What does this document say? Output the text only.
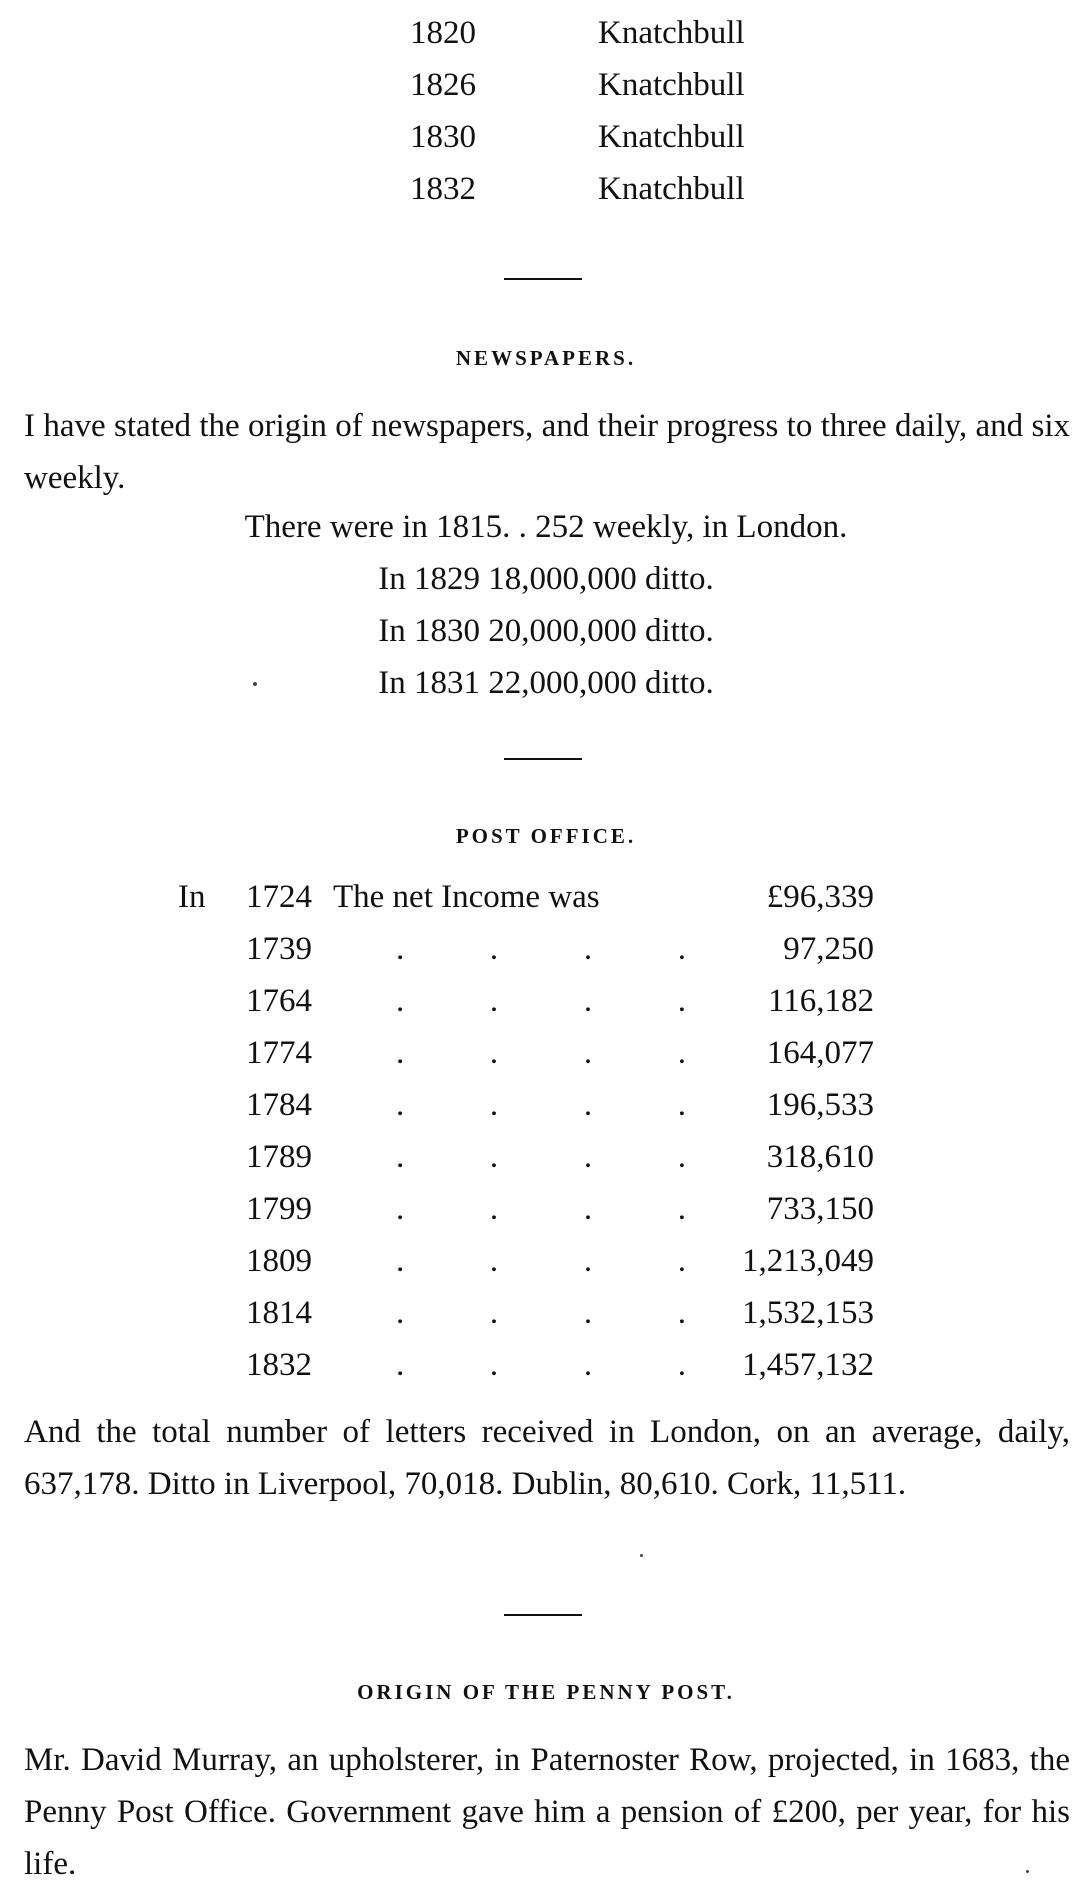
1820	Knatchbull
1826	Knatchbull
1830	Knatchbull
1832	Knatchbull
NEWSPAPERS.
I have stated the origin of newspapers, and their progress to three daily, and six weekly.
There were in 1815. . 252 weekly, in London.
In 1829 18,000,000 ditto.
In 1830 20,000,000 ditto.
In 1831 22,000,000 ditto.
POST OFFICE.
In 1724 The net Income was	£96,339
1739	.	.	.	.	97,250
1764	.	.	.	. 116,182
1774	.	.	.	. 164,077
1784	.	.	.	. 196,533
1789	.	.	.	. 318,610
1799	.	.	.	. 733,150
1809	.	.	.	. 1,213,049
1814	.	.	.	. 1,532,153
1832	.	.	.	. 1,457,132
And the total number of letters received in London, on an average, daily, 637,178. Ditto in Liverpool, 70,018. Dublin, 80,610. Cork, 11,511.
ORIGIN OF THE PENNY POST.
Mr. David Murray, an upholsterer, in Paternoster Row, projected, in 1683, the Penny Post Office. Government gave him a pension of £200, per year, for his life.
